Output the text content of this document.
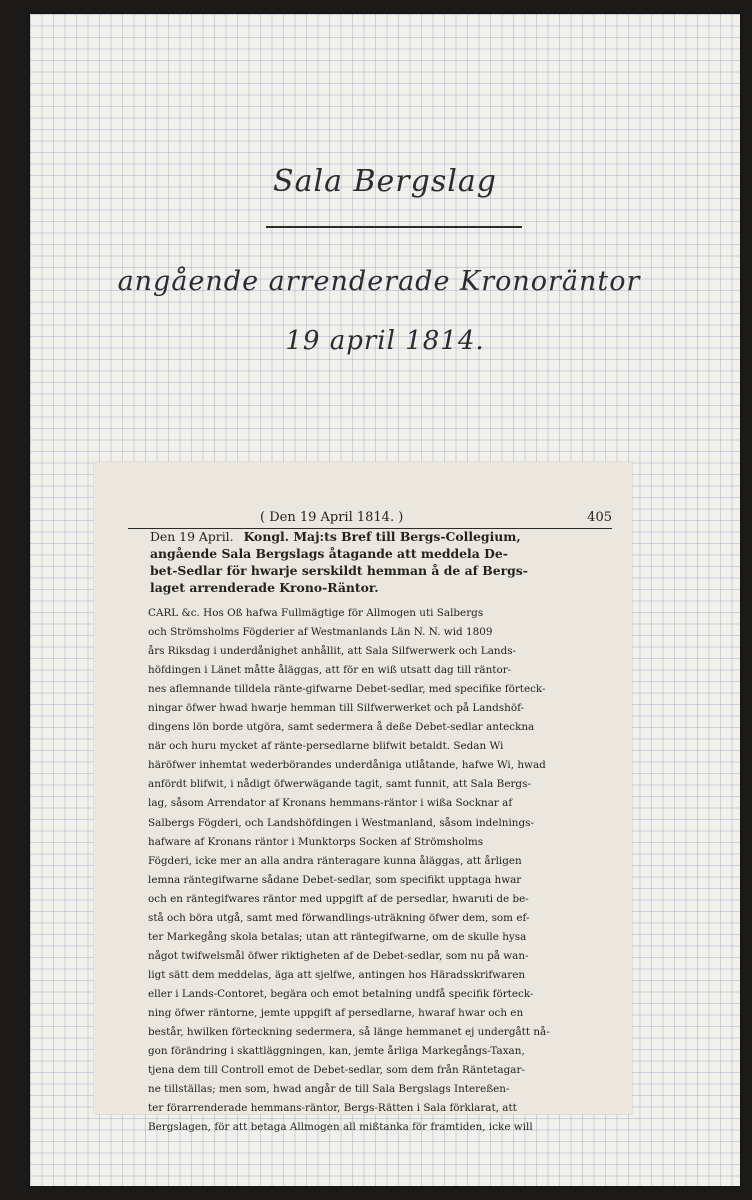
Sala Bergslag
angående arrenderade Kronoräntor
19 april 1814.
( Den 19 April 1814. )	405
Den 19 April. Kongl. Maj:ts Bref till Bergs-Collegium,
angående Sala Bergslags åtagande att meddela De-
bet-Sedlar för hwarje serskildt hemman å de af Bergs-
laget arrenderade Krono-Räntor.
CARL &c. Hos Oß hafwa Fullmägtige för Allmogen uti Salbergs
och Strömsholms Fögderier af Westmanlands Län N. N. wid 1809
års Riksdag i underdånighet anhållit, att Sala Silfwerwerk och Lands-
höfdingen i Länet måtte åläggas, att för en wiß utsatt dag till räntor-
nes aflemnande tilldela ränte-gifwarne Debet-sedlar, med specifike förteck-
ningar öfwer hwad hwarje hemman till Silfwerwerket och på Landshöf-
dingens lön borde utgöra, samt sedermera å deße Debet-sedlar anteckna
när och huru mycket af ränte-persedlarne blifwit betaldt. Sedan Wi
häröfwer inhemtat wederbörandes underdåniga utlåtande, hafwe Wi, hwad
anfördt blifwit, i nådigt öfwerwägande tagit, samt funnit, att Sala Bergs-
lag, såsom Arrendator af Kronans hemmans-räntor i wißa Socknar af
Salbergs Fögderi, och Landshöfdingen i Westmanland, såsom indelnings-
hafware af Kronans räntor i Munktorps Socken af Strömsholms
Fögderi, icke mer an alla andra ränteragare kunna åläggas, att årligen
lemna räntegifwarne sådane Debet-sedlar, som specifikt upptaga hwar
och en räntegifwares räntor med uppgift af de persedlar, hwaruti de be-
stå och böra utgå, samt med förwandlings-uträkning öfwer dem, som ef-
ter Markegång skola betalas; utan att räntegifwarne, om de skulle hysa
något twifwelsmål öfwer riktigheten af de Debet-sedlar, som nu på wan-
ligt sätt dem meddelas, äga att sjelfwe, antingen hos Häradsskrifwaren
eller i Lands-Contoret, begära och emot betalning undfå specifik förteck-
ning öfwer räntorne, jemte uppgift af persedlarne, hwaraf hwar och en
består, hwilken förteckning sedermera, så länge hemmanet ej undergått nå-
gon förändring i skattläggningen, kan, jemte årliga Markegångs-Taxan,
tjena dem till Controll emot de Debet-sedlar, som dem från Räntetagar-
ne tillställas; men som, hwad angår de till Sala Bergslags Intereßen-
ter förarrenderade hemmans-räntor, Bergs-Rätten i Sala förklarat, att
Bergslagen, för att betaga Allmogen all mißtanka för framtiden, icke will
